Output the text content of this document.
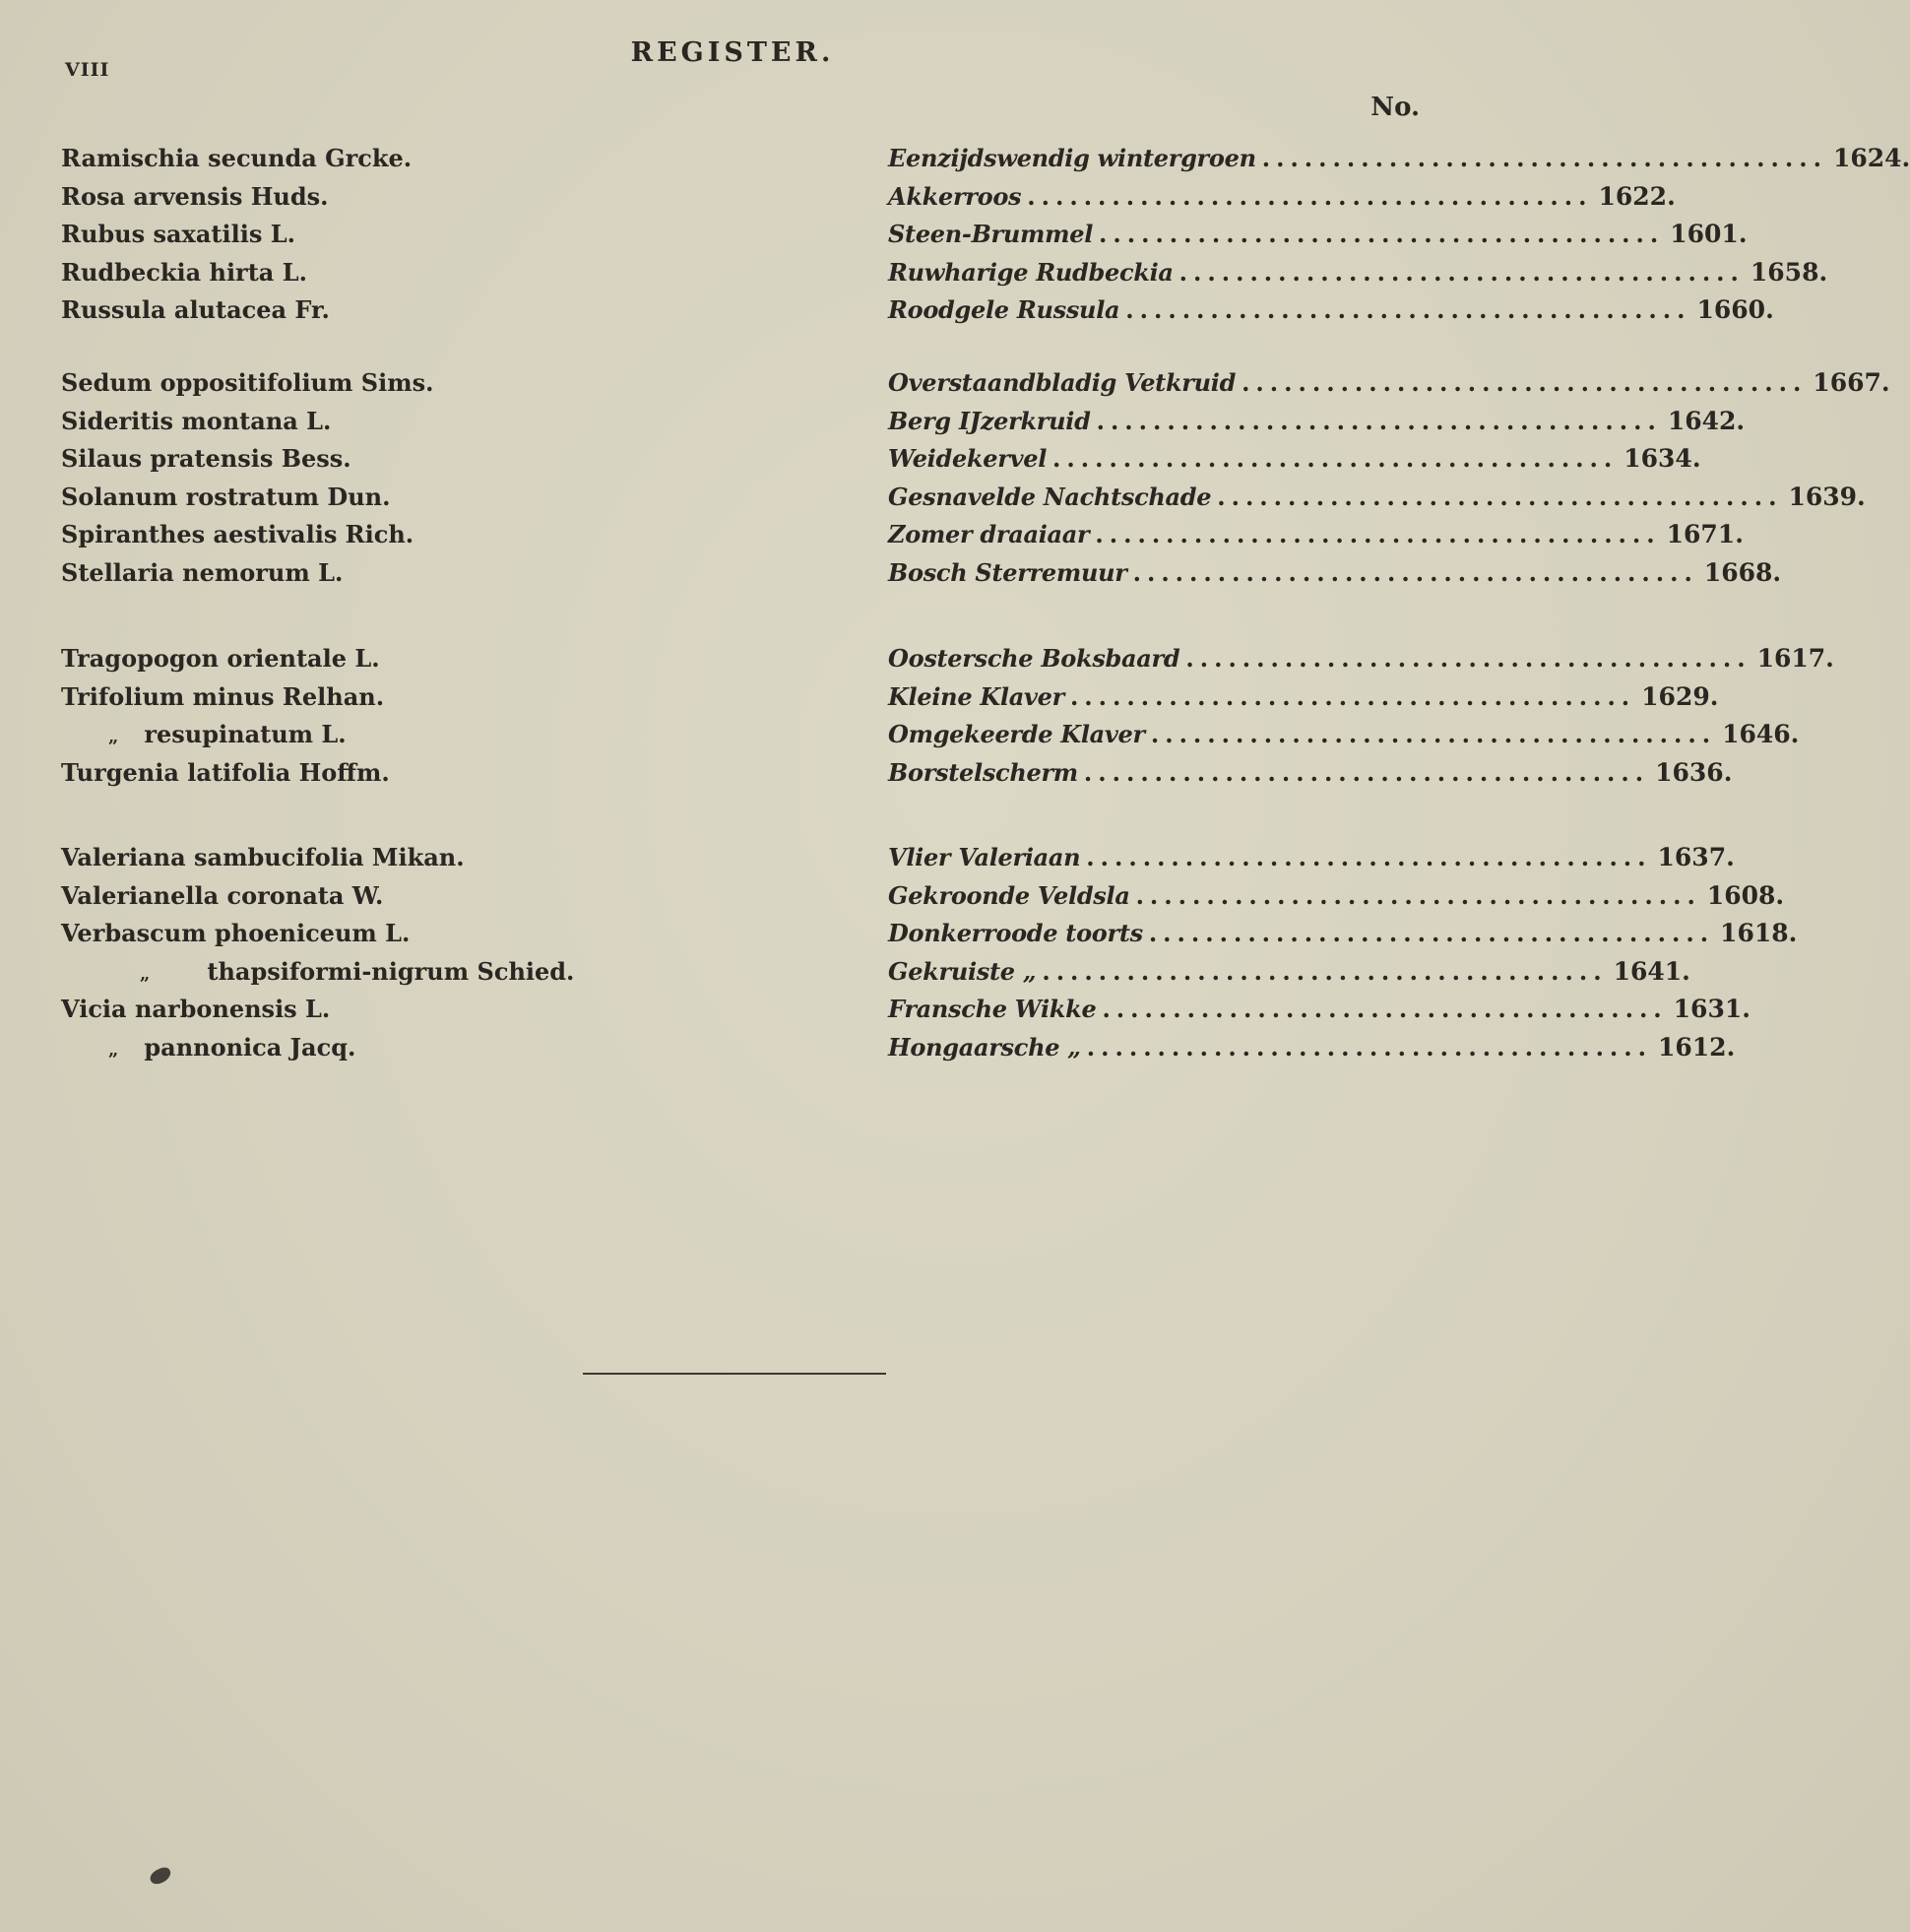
VIII
REGISTER.
No.
Ramischia secunda Grcke.	Eenzijdswendig wintergroen ........................................ 1624.
Rosa arvensis Huds.	Akkerroos ........................................ 1622.
Rubus saxatilis L.	Steen-Brummel ........................................ 1601.
Rudbeckia hirta L.	Ruwharige Rudbeckia ........................................ 1658.
Russula alutacea Fr.	Roodgele Russula ........................................ 1660.
Sedum oppositifolium Sims.	Overstaandbladig Vetkruid ........................................ 1667.
Sideritis montana L.	Berg IJzerkruid ........................................ 1642.
Silaus pratensis Bess.	Weidekervel ........................................ 1634.
Solanum rostratum Dun.	Gesnavelde Nachtschade ........................................ 1639.
Spiranthes aestivalis Rich.	Zomer draaiaar ........................................ 1671.
Stellaria nemorum L.	Bosch Sterremuur ........................................ 1668.
Tragopogon orientale L.	Oostersche Boksbaard ........................................ 1617.
Trifolium minus Relhan.	Kleine Klaver ........................................ 1629.
„ resupinatum L.	Omgekeerde Klaver ........................................ 1646.
Turgenia latifolia Hoffm.	Borstelscherm ........................................ 1636.
Valeriana sambucifolia Mikan.	Vlier Valeriaan ........................................ 1637.
Valerianella coronata W.	Gekroonde Veldsla ........................................ 1608.
Verbascum phoeniceum L.	Donkerroode toorts ........................................ 1618.
„ thapsiformi-nigrum Schied.	Gekruiste „ ........................................ 1641.
Vicia narbonensis L.	Fransche Wikke ........................................ 1631.
„ pannonica Jacq.	Hongaarsche „ ........................................ 1612.
